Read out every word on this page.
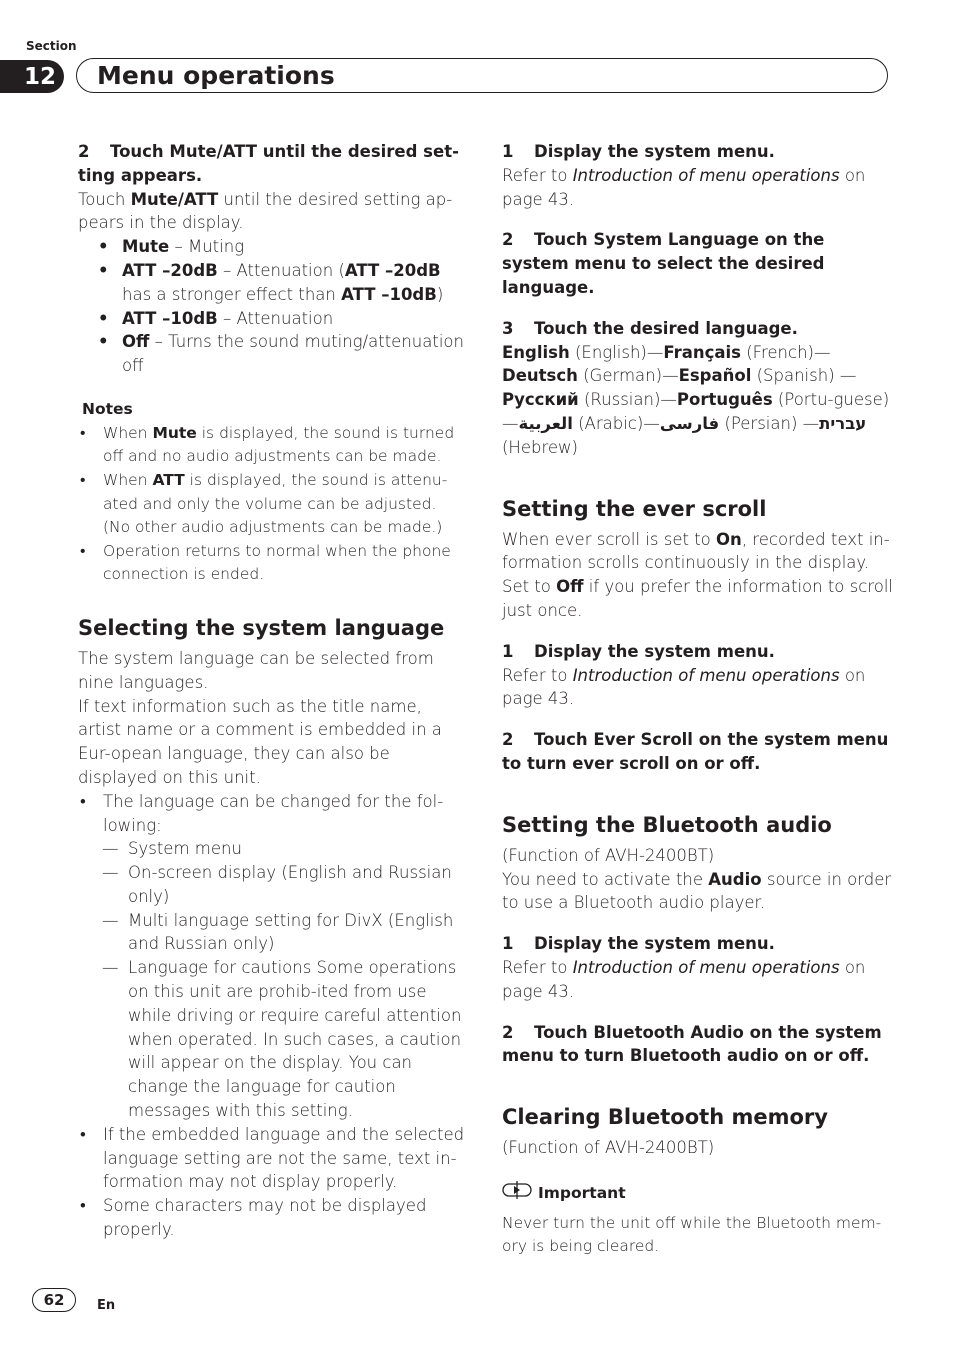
Section
12	Menu operations

2 Touch Mute/ATT until the desired set-ting appears.

Touch Mute/ATT until the desired setting ap-pears in the display.

• Mute – Muting
• ATT –20dB – Attenuation (ATT –20dB has a stronger effect than ATT –10dB)
• ATT –10dB – Attenuation
• Off – Turns the sound muting/attenuation off

Notes

• When Mute is displayed, the sound is turned off and no audio adjustments can be made.
• When ATT is displayed, the sound is attenu-ated and only the volume can be adjusted. (No other audio adjustments can be made.)
• Operation returns to normal when the phone connection is ended.
Selecting the system language

The system language can be selected from nine languages.

If text information such as the title name, artist name or a comment is embedded in a Eur-opean language, they can also be displayed on this unit.

• The language can be changed for the fol-lowing:
— System menu
— On-screen display (English and Russian only)
— Multi language setting for DivX (English and Russian only)
— Language for cautions Some operations on this unit are prohib-ited from use while driving or require careful attention when operated. In such cases, a caution will appear on the display. You can change the language for caution messages with this setting.
• If the embedded language and the selected language setting are not the same, text in-formation may not display properly.
• Some characters may not be displayed properly.

1 Display the system menu.

Refer to Introduction of menu operations on page 43.

2 Touch System Language on the system menu to select the desired language.

3 Touch the desired language.

English (English)—Français (French)—
Deutsch (German)—Español (Spanish) —Русский (Russian)—Português (Portu-guese)—العربية (Arabic)—فارسی (Persian) —עברית (Hebrew)

Setting the ever scroll

When ever scroll is set to On, recorded text in-formation scrolls continuously in the display. Set to Off if you prefer the information to scroll just once.

1 Display the system menu.

Refer to Introduction of menu operations on page 43.

2 Touch Ever Scroll on the system menu to turn ever scroll on or off.

Setting the Bluetooth audio

(Function of AVH-2400BT)

You need to activate the Audio source in order to use a Bluetooth audio player.

1 Display the system menu.

Refer to Introduction of menu operations on page 43.

2 Touch Bluetooth Audio on the system menu to turn Bluetooth audio on or off.

Clearing Bluetooth memory

(Function of AVH-2400BT)

Important

Never turn the unit off while the Bluetooth mem-ory is being cleared.

62	En
